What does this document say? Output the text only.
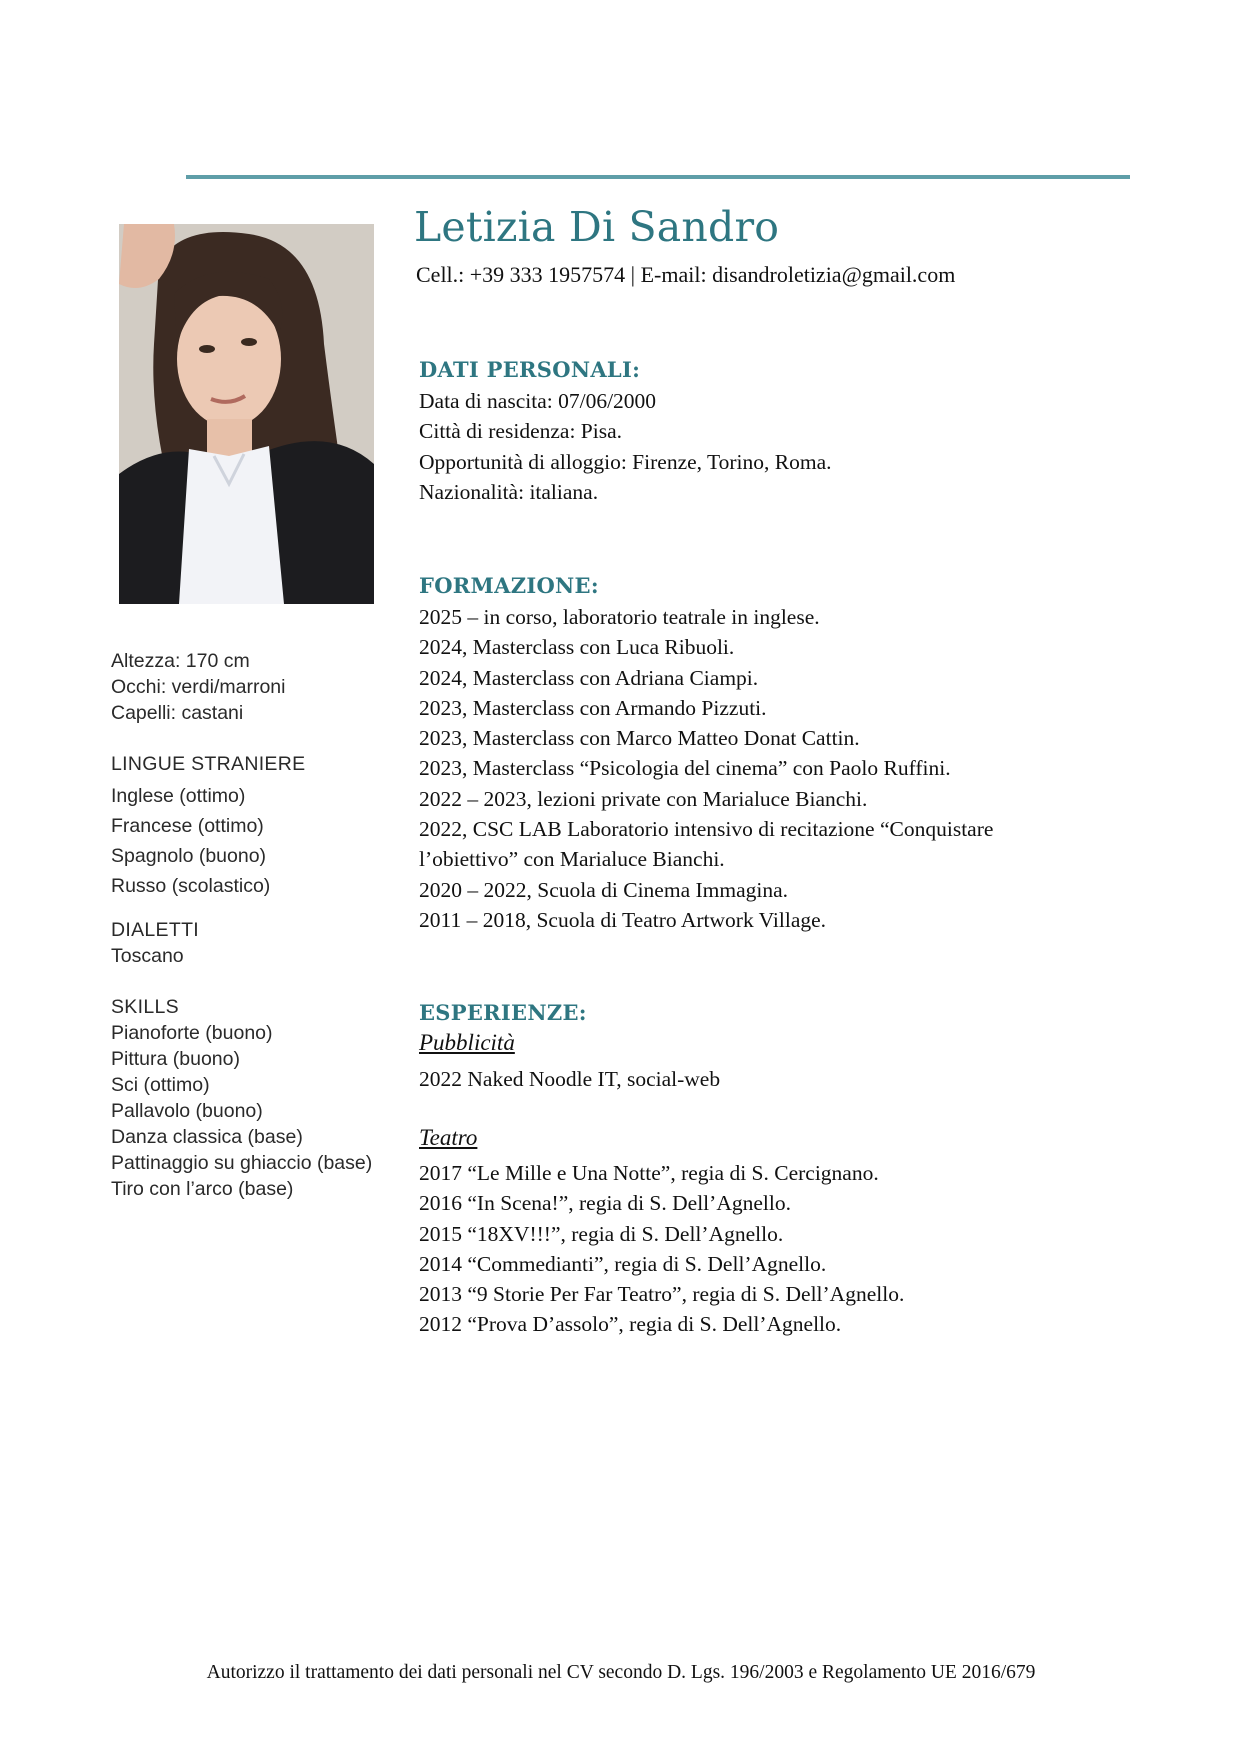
Altezza: 170 cm
Occhi: verdi/marroni
Capelli: castani
LINGUE STRANIERE
Inglese (ottimo)
Francese (ottimo)
Spagnolo (buono)
Russo (scolastico)
DIALETTI
Toscano
SKILLS
Pianoforte (buono)
Pittura (buono)
Sci (ottimo)
Pallavolo (buono)
Danza classica (base)
Pattinaggio su ghiaccio (base)
Tiro con l’arco (base)
Letizia Di Sandro
Cell.: +39 333 1957574 | E-mail: disandroletizia@gmail.com
DATI PERSONALI:
Data di nascita: 07/06/2000
Città di residenza: Pisa.
Opportunità di alloggio: Firenze, Torino, Roma.
Nazionalità: italiana.
FORMAZIONE:
2025 – in corso, laboratorio teatrale in inglese.
2024, Masterclass con Luca Ribuoli.
2024, Masterclass con Adriana Ciampi.
2023, Masterclass con Armando Pizzuti.
2023, Masterclass con Marco Matteo Donat Cattin.
2023, Masterclass “Psicologia del cinema” con Paolo Ruffini.
2022 – 2023, lezioni private con Marialuce Bianchi.
2022, CSC LAB Laboratorio intensivo di recitazione “Conquistare
l’obiettivo” con Marialuce Bianchi.
2020 – 2022, Scuola di Cinema Immagina.
2011 – 2018, Scuola di Teatro Artwork Village.
ESPERIENZE:
Pubblicità
2022 Naked Noodle IT, social-web
Teatro
2017 “Le Mille e Una Notte”, regia di S. Cercignano.
2016 “In Scena!”, regia di S. Dell’Agnello.
2015 “18XV!!!”, regia di S. Dell’Agnello.
2014 “Commedianti”, regia di S. Dell’Agnello.
2013 “9 Storie Per Far Teatro”, regia di S. Dell’Agnello.
2012 “Prova D’assolo”, regia di S. Dell’Agnello.
Autorizzo il trattamento dei dati personali nel CV secondo D. Lgs. 196/2003 e Regolamento UE 2016/679
